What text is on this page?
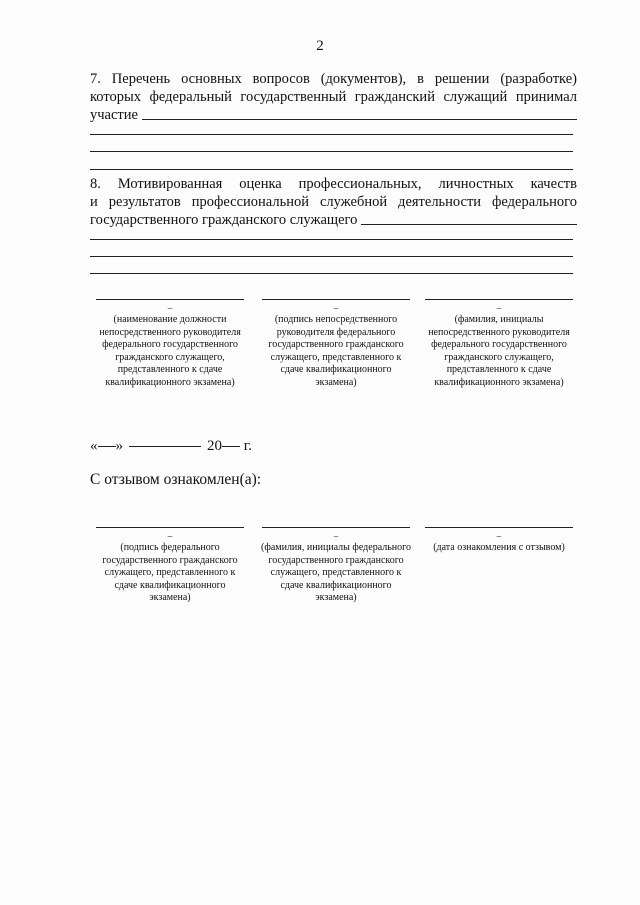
2
7. Перечень основных вопросов (документов), в решении (разработке)
которых федеральный государственный гражданский служащий принимал
участие
8. Мотивированная оценка профессиональных, личностных качеств
и результатов профессиональной служебной деятельности федерального
государственного гражданского служащего
–	–	–
(наименование должности непосредственного руководителя федерального государственного гражданского служащего, представленного к сдаче квалификационного экзамена)
(подпись непосредственного руководителя федерального государственного гражданского служащего, представленного к сдаче квалификационного экзамена)
(фамилия, инициалы непосредственного руководителя федерального государственного гражданского служащего, представленного к сдаче квалификационного экзамена)
« »	20 г.
С отзывом ознакомлен(а):
–	–	–
(подпись федерального государственного гражданского служащего, представленного к сдаче квалификационного экзамена)
(фамилия, инициалы федерального государственного гражданского служащего, представленного к сдаче квалификационного экзамена)
(дата ознакомления с отзывом)
